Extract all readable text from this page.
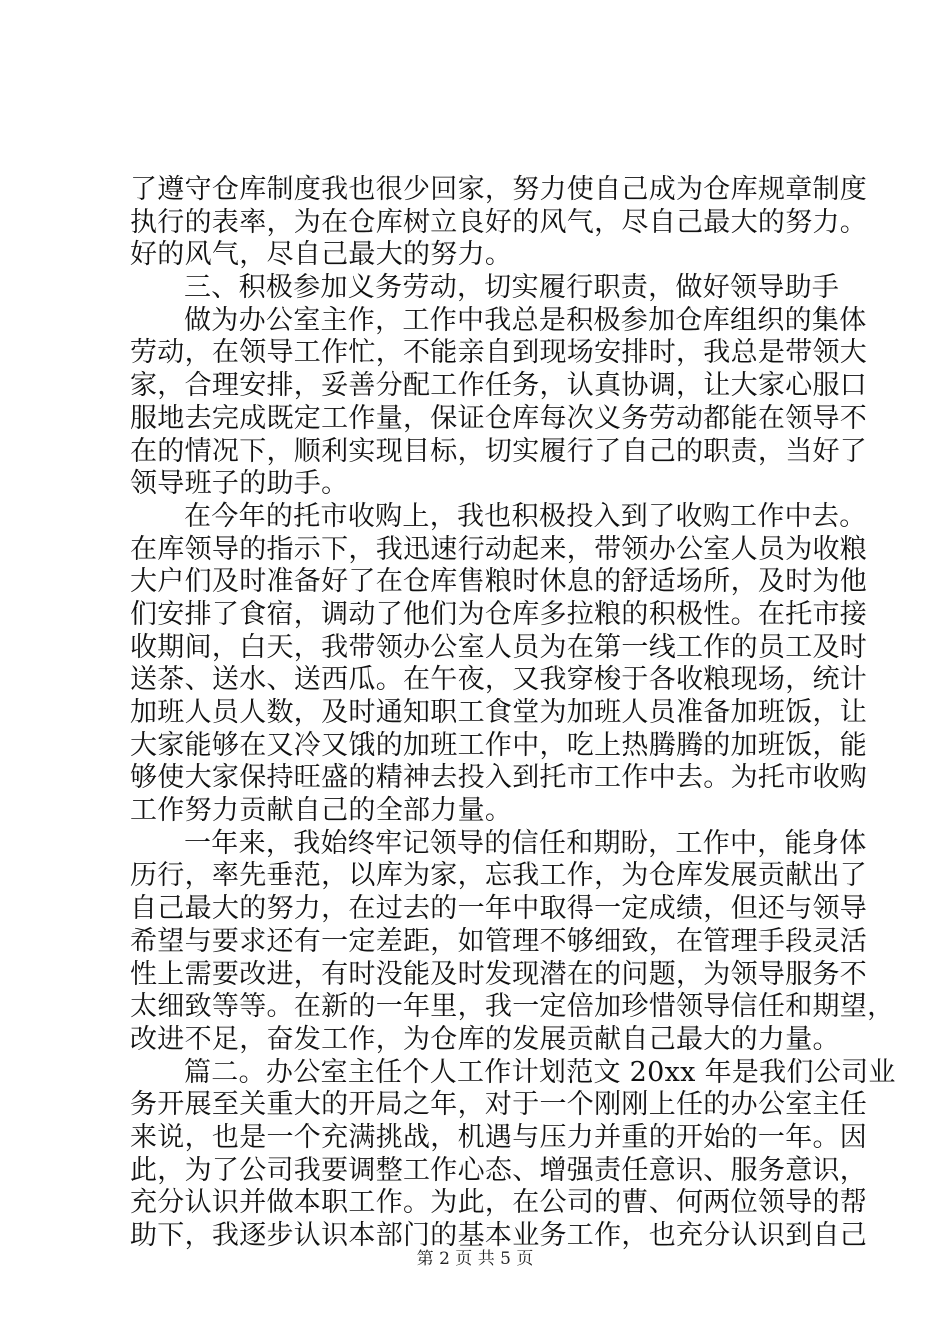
了遵守仓库制度我也很少回家，努力使自己成为仓库规章制度
执行的表率，为在仓库树立良好的风气，尽自己最大的努力。
好的风气，尽自己最大的努力。
三、积极参加义务劳动，切实履行职责，做好领导助手
做为办公室主作，工作中我总是积极参加仓库组织的集体
劳动，在领导工作忙，不能亲自到现场安排时，我总是带领大
家，合理安排，妥善分配工作任务，认真协调，让大家心服口
服地去完成既定工作量，保证仓库每次义务劳动都能在领导不
在的情况下，顺利实现目标，切实履行了自己的职责，当好了
领导班子的助手。
在今年的托市收购上，我也积极投入到了收购工作中去。
在库领导的指示下，我迅速行动起来，带领办公室人员为收粮
大户们及时准备好了在仓库售粮时休息的舒适场所，及时为他
们安排了食宿，调动了他们为仓库多拉粮的积极性。在托市接
收期间，白天，我带领办公室人员为在第一线工作的员工及时
送茶、送水、送西瓜。在午夜，又我穿梭于各收粮现场，统计
加班人员人数，及时通知职工食堂为加班人员准备加班饭，让
大家能够在又冷又饿的加班工作中，吃上热腾腾的加班饭，能
够使大家保持旺盛的精神去投入到托市工作中去。为托市收购
工作努力贡献自己的全部力量。
一年来，我始终牢记领导的信任和期盼，工作中，能身体
历行，率先垂范，以库为家，忘我工作，为仓库发展贡献出了
自己最大的努力，在过去的一年中取得一定成绩，但还与领导
希望与要求还有一定差距，如管理不够细致，在管理手段灵活
性上需要改进，有时没能及时发现潜在的问题，为领导服务不
太细致等等。在新的一年里，我一定倍加珍惜领导信任和期望，
改进不足，奋发工作，为仓库的发展贡献自己最大的力量。
篇二。办公室主任个人工作计划范文 20xx 年是我们公司业
务开展至关重大的开局之年，对于一个刚刚上任的办公室主任
来说，也是一个充满挑战，机遇与压力并重的开始的一年。因
此，为了公司我要调整工作心态、增强责任意识、服务意识，
充分认识并做本职工作。为此，在公司的曹、何两位领导的帮
助下，我逐步认识本部门的基本业务工作，也充分认识到自己
第 2 页 共 5 页
